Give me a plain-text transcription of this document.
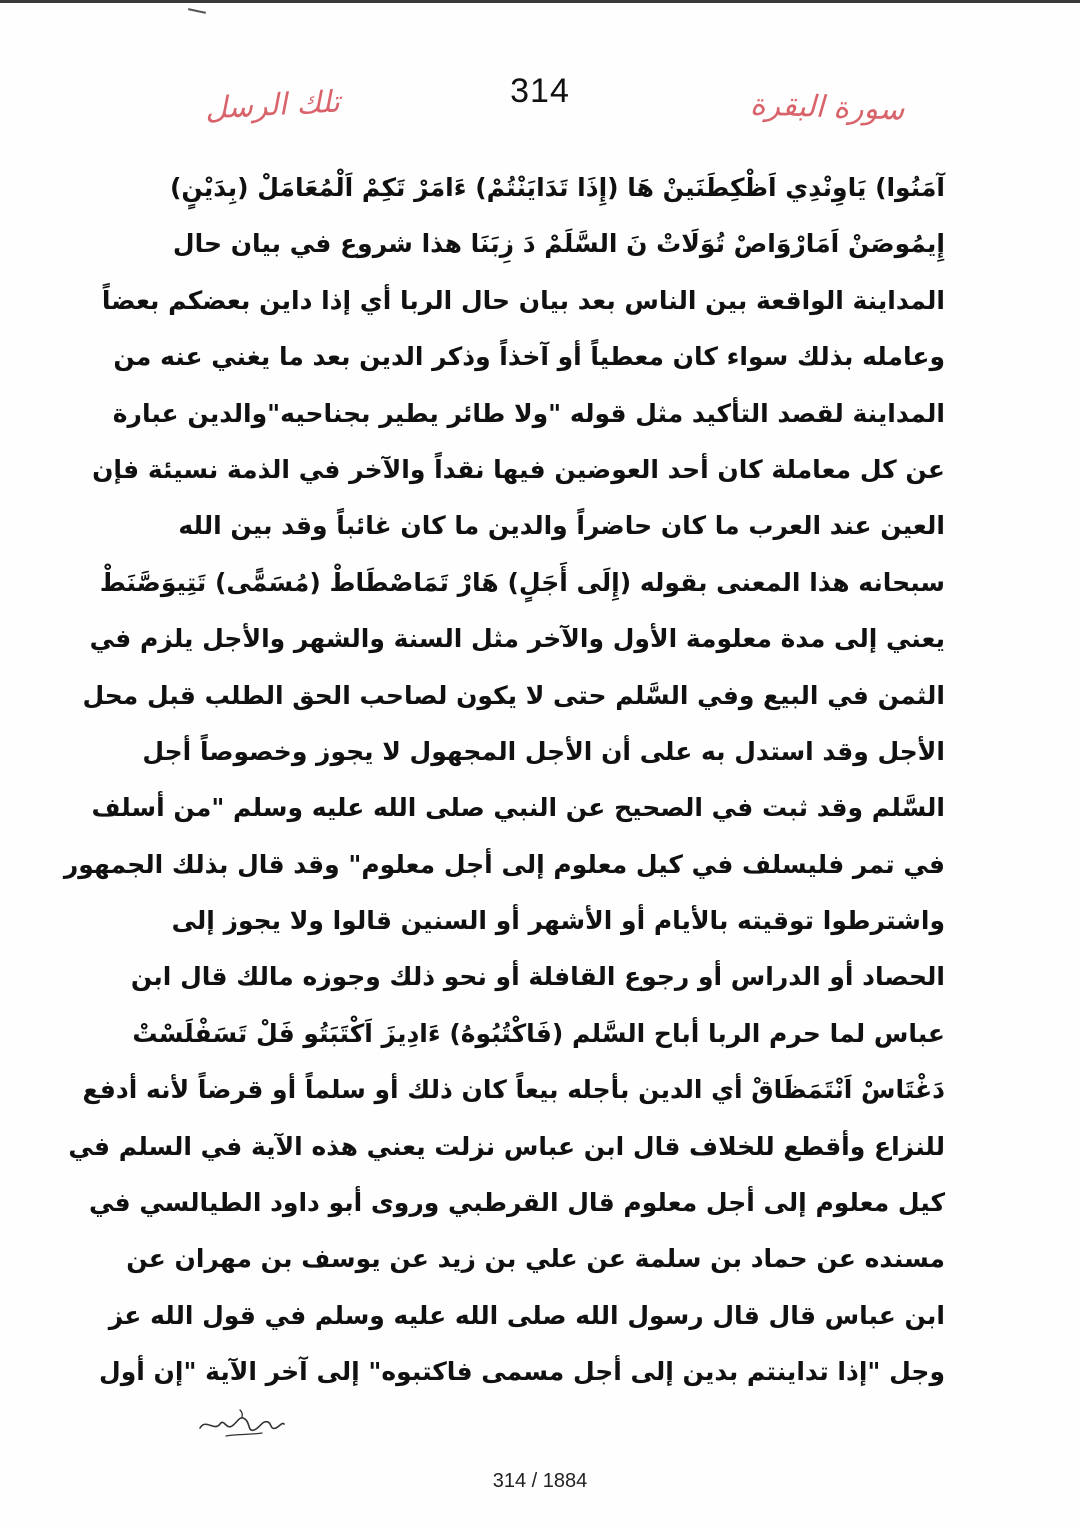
تلك الرسل	314	سورة البقرة
آمَنُوا) يَاوِنْدِي اَظْكِطَنَينْ هَا (إِذَا تَدَايَنْتُمْ) ءَامَرْ تَكِمْ اَلْمُعَامَلْ (بِدَيْنٍ)
إِيمُوصَنْ اَمَارْوَاصْ تُوَلَاتْ نَ السَّلَمْ دَ زِبَنَا هذا شروع في بيان حال
المداينة الواقعة بين الناس بعد بيان حال الربا أي إذا داين بعضكم بعضاً
وعامله بذلك سواء كان معطياً أو آخذاً وذكر الدين بعد ما يغني عنه من
المداينة لقصد التأكيد مثل قوله "ولا طائر يطير بجناحيه"والدين عبارة
عن كل معاملة كان أحد العوضين فيها نقداً والآخر في الذمة نسيئة فإن
العين عند العرب ما كان حاضراً والدين ما كان غائباً وقد بين الله
سبحانه هذا المعنى بقوله (إِلَى أَجَلٍ) هَارْ تَمَاصْطَاطْ (مُسَمًّى) تَتِيوَصَّنَطْ
يعني إلى مدة معلومة الأول والآخر مثل السنة والشهر والأجل يلزم في
الثمن في البيع وفي السَّلم حتى لا يكون لصاحب الحق الطلب قبل محل
الأجل وقد استدل به على أن الأجل المجهول لا يجوز وخصوصاً أجل
السَّلم وقد ثبت في الصحيح عن النبي صلى الله عليه وسلم "من أسلف
في تمر فليسلف في كيل معلوم إلى أجل معلوم" وقد قال بذلك الجمهور
واشترطوا توقيته بالأيام أو الأشهر أو السنين قالوا ولا يجوز إلى
الحصاد أو الدراس أو رجوع القافلة أو نحو ذلك وجوزه مالك قال ابن
عباس لما حرم الربا أباح السَّلم (فَاكْتُبُوهُ) ءَادِيزَ اَكْتَبَتُو فَلْ تَسَفْلَسْتْ
دَغْتَاسْ اَنْتَمَظَاقْ أي الدين بأجله بيعاً كان ذلك أو سلماً أو قرضاً لأنه أدفع
للنزاع وأقطع للخلاف قال ابن عباس نزلت يعني هذه الآية في السلم في
كيل معلوم إلى أجل معلوم قال القرطبي وروى أبو داود الطيالسي في
مسنده عن حماد بن سلمة عن علي بن زيد عن يوسف بن مهران عن
ابن عباس قال قال رسول الله صلى الله عليه وسلم في قول الله عز
وجل "إذا تداينتم بدين إلى أجل مسمى فاكتبوه" إلى آخر الآية "إن أول
314 / 1884
